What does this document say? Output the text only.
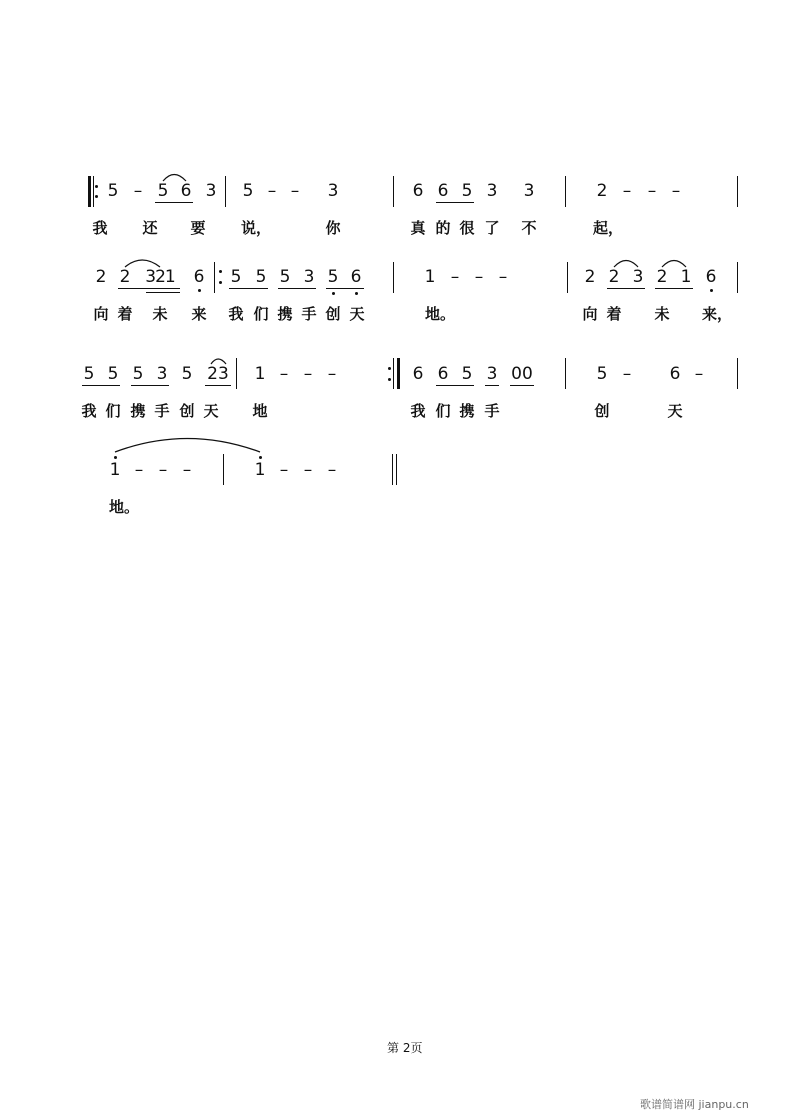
5 – 5 6 3 5 – – 3	6 6 5 3 3	2 – – –
我 还 要 说，	你	真 的 很 了 不	起，
2 2 321 6 5 5 5 3 5 6	1 – – –	2 2 3 2 1 6
向 着 未 来 我 们 携 手 创 天	地。	向 着 未 来，
5 5 5 3 5 23 1 – – –	6 6 5 3 00	5 – 6 –
我 们 携 手 创 天 地	我 们 携 手	创	天
1 – – –	1 – – –
地。
第 2页
歌谱简谱网 jianpu.cn
